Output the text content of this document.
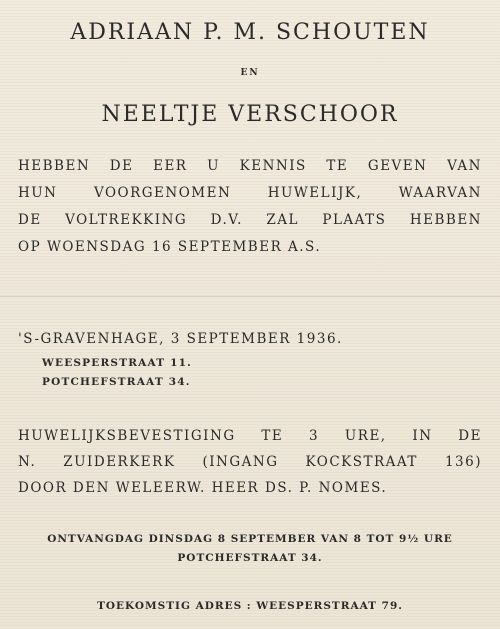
ADRIAAN P. M. SCHOUTEN
EN
NEELTJE VERSCHOOR
HEBBEN DE EER U KENNIS TE GEVEN VAN
HUN VOORGENOMEN HUWELIJK, WAARVAN
DE VOLTREKKING D.V. ZAL PLAATS HEBBEN
OP WOENSDAG 16 SEPTEMBER A.S.
'S-GRAVENHAGE, 3 SEPTEMBER 1936.
WEESPERSTRAAT 11.
POTCHEFSTRAAT 34.
HUWELIJKSBEVESTIGING TE 3 URE, IN DE
N. ZUIDERKERK (INGANG KOCKSTRAAT 136)
DOOR DEN WELEERW. HEER DS. P. NOMES.
ONTVANGDAG DINSDAG 8 SEPTEMBER VAN 8 TOT 9½ URE
POTCHEFSTRAAT 34.
TOEKOMSTIG ADRES : WEESPERSTRAAT 79.
